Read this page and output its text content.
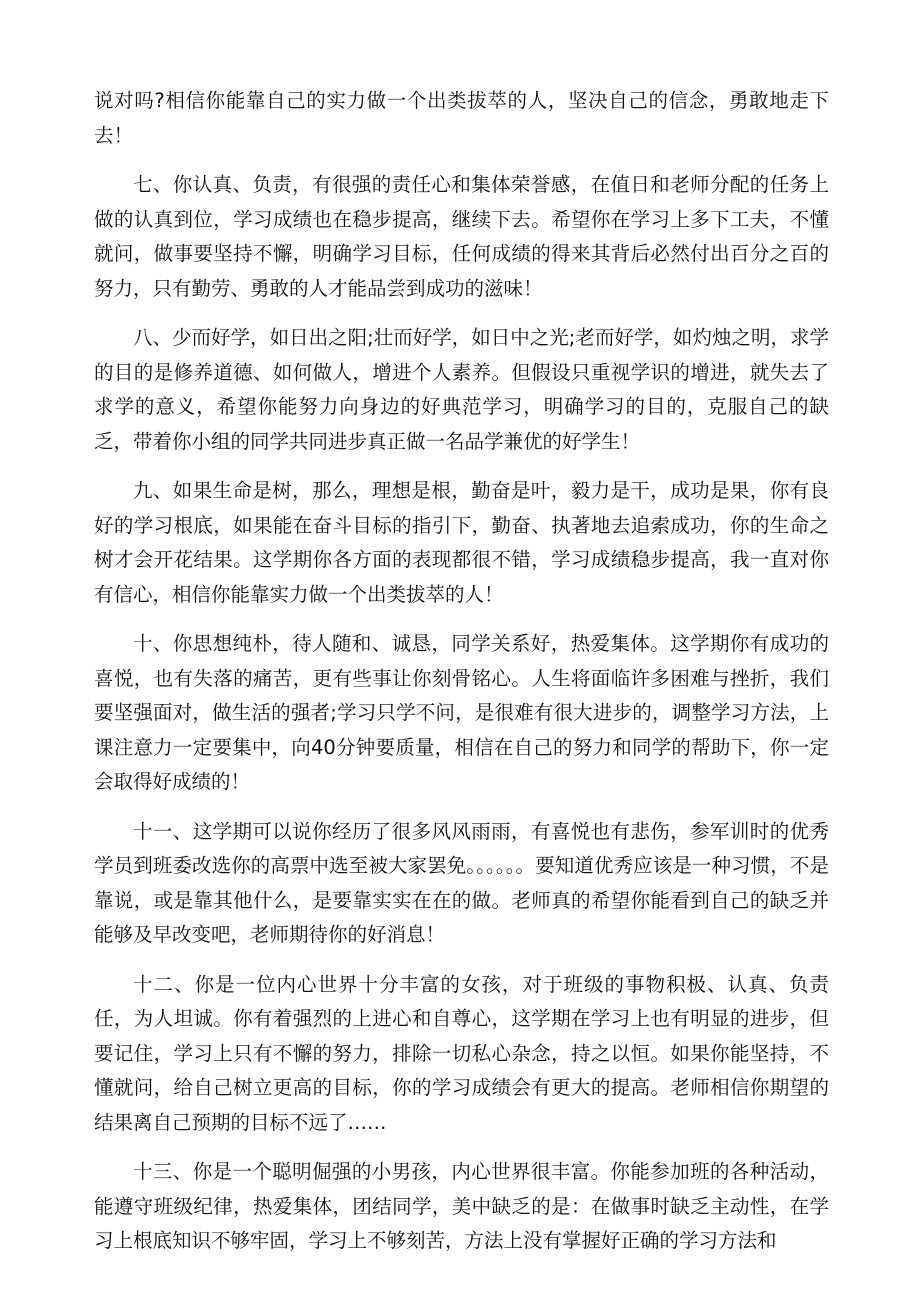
说对吗?相信你能靠自己的实力做一个出类拔萃的人，坚决自己的信念，勇敢地走下去！

七、你认真、负责，有很强的责任心和集体荣誉感，在值日和老师分配的任务上做的认真到位，学习成绩也在稳步提高，继续下去。希望你在学习上多下工夫，不懂就问，做事要坚持不懈，明确学习目标，任何成绩的得来其背后必然付出百分之百的努力，只有勤劳、勇敢的人才能品尝到成功的滋味！

八、少而好学，如日出之阳;壮而好学，如日中之光;老而好学，如灼烛之明，求学的目的是修养道德、如何做人，增进个人素养。但假设只重视学识的增进，就失去了求学的意义，希望你能努力向身边的好典范学习，明确学习的目的，克服自己的缺乏，带着你小组的同学共同进步真正做一名品学兼优的好学生！

九、如果生命是树，那么，理想是根，勤奋是叶，毅力是干，成功是果，你有良好的学习根底，如果能在奋斗目标的指引下，勤奋、执著地去追索成功，你的生命之树才会开花结果。这学期你各方面的表现都很不错，学习成绩稳步提高，我一直对你有信心，相信你能靠实力做一个出类拔萃的人！

十、你思想纯朴，待人随和、诚恳，同学关系好，热爱集体。这学期你有成功的喜悦，也有失落的痛苦，更有些事让你刻骨铭心。人生将面临许多困难与挫折，我们要坚强面对，做生活的强者;学习只学不问，是很难有很大进步的，调整学习方法，上课注意力一定要集中，向40分钟要质量，相信在自己的努力和同学的帮助下，你一定会取得好成绩的！

十一、这学期可以说你经历了很多风风雨雨，有喜悦也有悲伤，参军训时的优秀学员到班委改选你的高票中选至被大家罢免。。。。。。要知道优秀应该是一种习惯，不是靠说，或是靠其他什么，是要靠实实在在的做。老师真的希望你能看到自己的缺乏并能够及早改变吧，老师期待你的好消息！

十二、你是一位内心世界十分丰富的女孩，对于班级的事物积极、认真、负责任，为人坦诚。你有着强烈的上进心和自尊心，这学期在学习上也有明显的进步，但要记住，学习上只有不懈的努力，排除一切私心杂念，持之以恒。如果你能坚持，不懂就问，给自己树立更高的目标，你的学习成绩会有更大的提高。老师相信你期望的结果离自己预期的目标不远了……

十三、你是一个聪明倔强的小男孩，内心世界很丰富。你能参加班的各种活动，能遵守班级纪律，热爱集体，团结同学，美中缺乏的是：在做事时缺乏主动性，在学习上根底知识不够牢固，学习上不够刻苦，方法上没有掌握好正确的学习方法和
